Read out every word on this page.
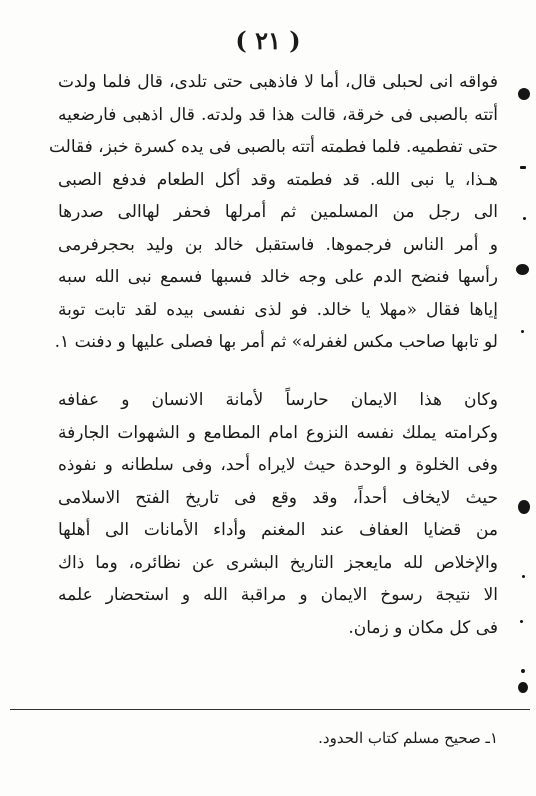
( ٢١ )
فواقه انى لحبلى قال، أما لا فاذهبى حتى تلدى، قال فلما ولدت
أتته بالصبى فى خرقة، قالت هذا قد ولدته. قال اذهبى فارضعيه
حتى تفطميه. فلما فطمته أتته بالصبى فى يده كسرة خبز، فقالت
هـذا، يا نبى الله. قد فطمته وقد أكل الطعام فدفع الصبى
الى رجل من المسلمين ثم أمرلها فحفر لهاالى صدرها
و أمر الناس فرجموها. فاستقبل خالد بن وليد بحجرفرمى
رأسها فنضح الدم على وجه خالد فسبها فسمع نبى الله سبه
إياها فقال «مهلا يا خالد. فو لذى نفسى بيده لقد تابت توبة
لو تابها صاحب مكس لغفرله» ثم أمر بها فصلى عليها و دفنت ١.
وكان هذا الايمان حارساً لأمانة الانسان و عفافه
وكرامته يملك نفسه النزوع امام المطامع و الشهوات الجارفة
وفى الخلوة و الوحدة حيث لايراه أحد، وفى سلطانه و نفوذه
حيث لايخاف أحداً، وقد وقع فى تاريخ الفتح الاسلامى
من قضايا العفاف عند المغنم وأداء الأمانات الى أهلها
والإخلاص لله مايعجز التاريخ البشرى عن نظائره، وما ذاك
الا نتيجة رسوخ الايمان و مراقبة الله و استحضار علمه
فى كل مكان و زمان.
١ـ صحيح مسلم كتاب الحدود.
